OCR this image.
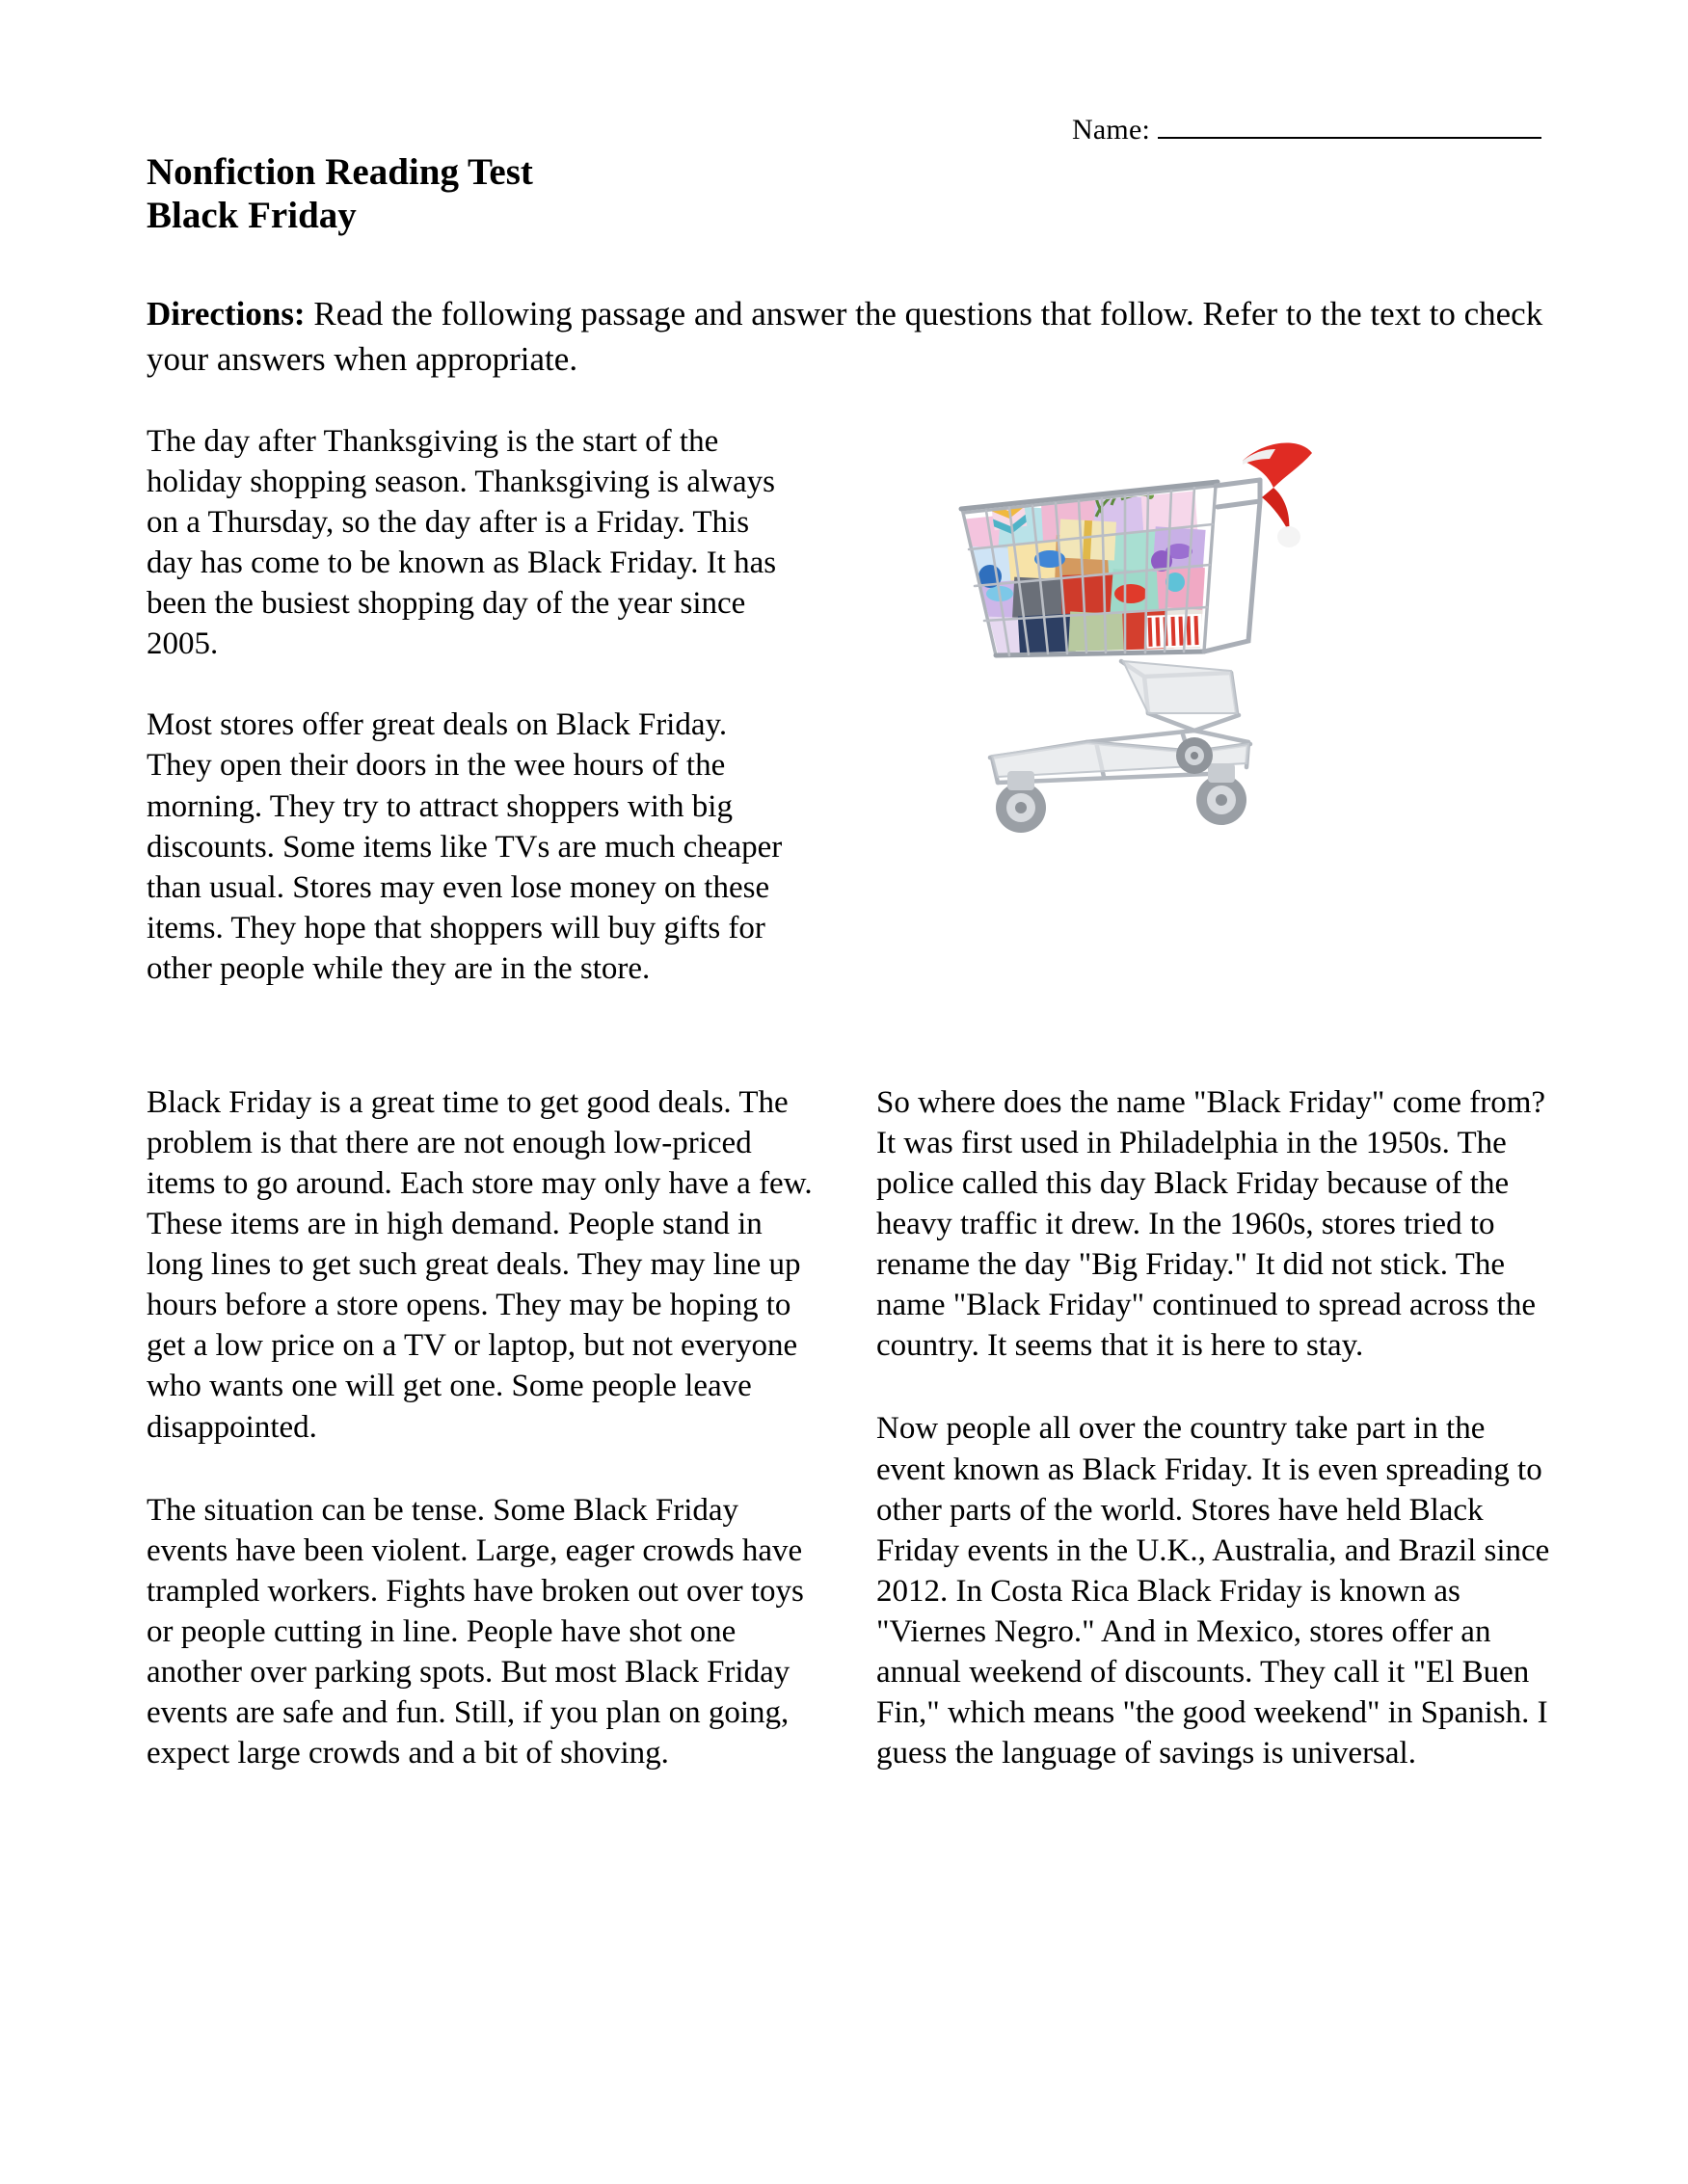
Name:
Nonfiction Reading Test
Black Friday
Directions: Read the following passage and answer the questions that follow. Refer to the text to check your answers when appropriate.

The day after Thanksgiving is the start of the holiday shopping season. Thanksgiving is always on a Thursday, so the day after is a Friday. This day has come to be known as Black Friday. It has been the busiest shopping day of the year since 2005.

Most stores offer great deals on Black Friday. They open their doors in the wee hours of the morning. They try to attract shoppers with big discounts. Some items like TVs are much cheaper than usual. Stores may even lose money on these items. They hope that shoppers will buy gifts for other people while they are in the store.

Black Friday is a great time to get good deals. The problem is that there are not enough low-priced items to go around. Each store may only have a few. These items are in high demand. People stand in long lines to get such great deals. They may line up hours before a store opens. They may be hoping to get a low price on a TV or laptop, but not everyone who wants one will get one. Some people leave disappointed.

The situation can be tense. Some Black Friday events have been violent. Large, eager crowds have trampled workers. Fights have broken out over toys or people cutting in line. People have shot one another over parking spots. But most Black Friday events are safe and fun. Still, if you plan on going, expect large crowds and a bit of shoving.

So where does the name "Black Friday" come from? It was first used in Philadelphia in the 1950s. The police called this day Black Friday because of the heavy traffic it drew. In the 1960s, stores tried to rename the day "Big Friday." It did not stick. The name "Black Friday" continued to spread across the country. It seems that it is here to stay.

Now people all over the country take part in the event known as Black Friday. It is even spreading to other parts of the world. Stores have held Black Friday events in the U.K., Australia, and Brazil since 2012. In Costa Rica Black Friday is known as "Viernes Negro." And in Mexico, stores offer an annual weekend of discounts. They call it "El Buen Fin," which means "the good weekend" in Spanish. I guess the language of savings is universal.
